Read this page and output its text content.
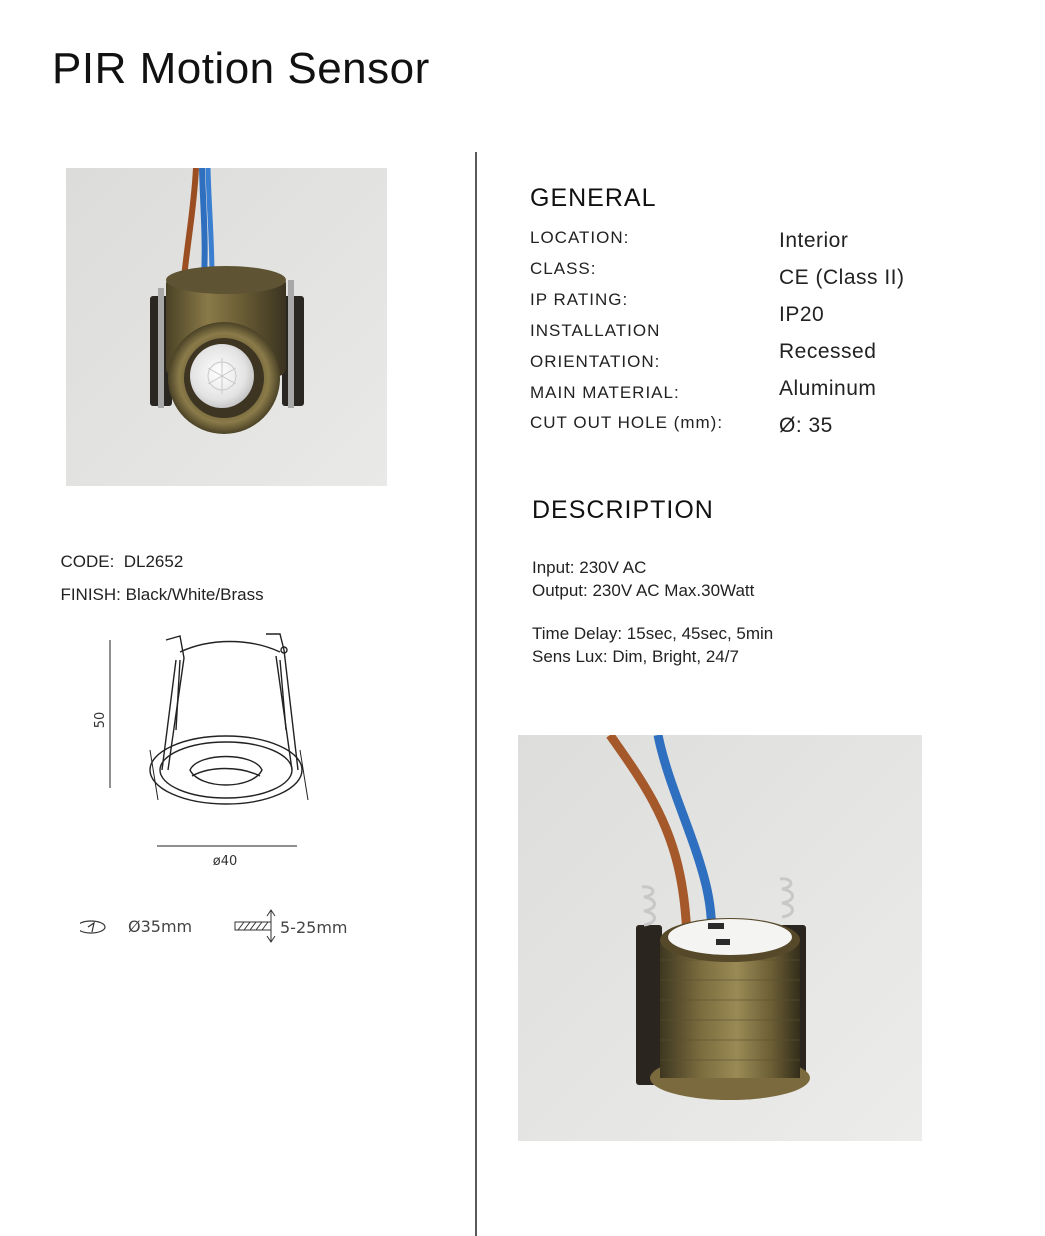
PIR Motion Sensor

CODE: DL2652

FINISH: Black/White/Brass

50
ø40
Ø35mm	5-25mm
GENERAL
LOCATION:
CLASS:
IP RATING:
INSTALLATION
ORIENTATION:
MAIN MATERIAL:
CUT OUT HOLE (mm):
Interior
CE (Class II)
IP20
Recessed
Aluminum
Ø: 35
DESCRIPTION
Input: 230V AC
Output: 230V AC Max.30Watt
Time Delay: 15sec, 45sec, 5min
Sens Lux: Dim, Bright, 24/7
